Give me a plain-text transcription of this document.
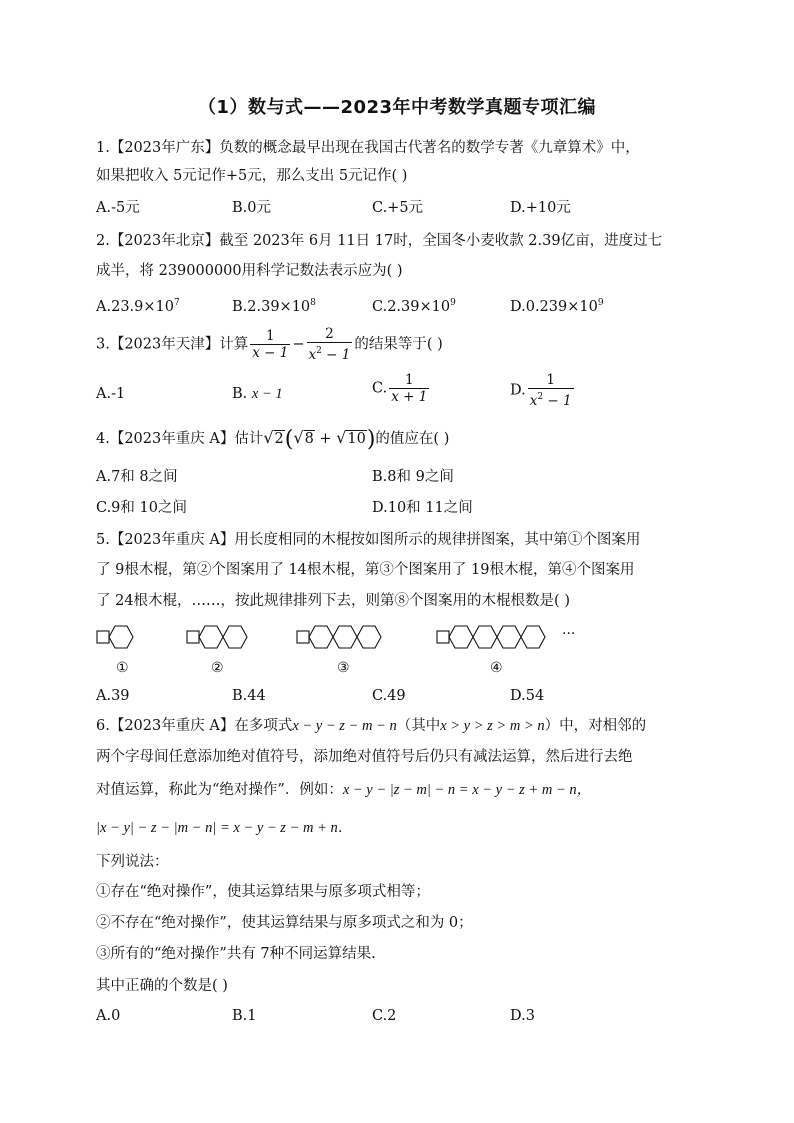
（1）数与式——2023年中考数学真题专项汇编
1.【2023年广东】负数的概念最早出现在我国古代著名的数学专著《九章算术》中，
如果把收入 5元记作+5元，那么支出 5元记作( )
A.-5元	B.0元	C.+5元	D.+10元
2.【2023年北京】截至 2023年 6月 11日 17时，全国冬小麦收款 2.39亿亩，进度过七
成半，将 239000000用科学记数法表示应为( )
$A.23.9\times 10^7$	$B.2.39\times 10^8$	$C.2.39\times 10^9$	$D.0.239\times 10^9$
3.【2023年天津】计算 $\frac{1}{x - 1} - \frac{2}{x^2 - 1}$ 的结果等于( )
A.-1	B. x − 1	C. $\frac{1}{x + 1}$	D. $\frac{1}{x^2 - 1}$
4.【2023年重庆 A】估计√2(√8 + √10)的值应在( )
A.7和 8之间	B.8和 9之间
C.9和 10之间	D.10和 11之间
5.【2023年重庆 A】用长度相同的木棍按如图所示的规律拼图案，其中第①个图案用
了 9根木棍，第②个图案用了 14根木棍，第③个图案用了 19根木棍，第④个图案用
了 24根木棍，……，按此规律排列下去，则第⑧个图案用的木棍根数是( )
①	②	③	④
···
A.39	B.44	C.49	D.54
6.【2023年重庆 A】在多项式x − y − z − m − n（其中x > y > z > m > n）中，对相邻的
两个字母间任意添加绝对值符号，添加绝对值符号后仍只有减法运算，然后进行去绝
对值运算，称此为“绝对操作”．例如：x − y − |z − m| − n = x − y − z + m − n，
|x − y| − z − |m − n| = x − y − z − m + n．
下列说法：
①存在“绝对操作”，使其运算结果与原多项式相等；
②不存在“绝对操作”，使其运算结果与原多项式之和为 0；
③所有的“绝对操作”共有 7种不同运算结果.
其中正确的个数是( )
A.0	B.1	C.2	D.3
